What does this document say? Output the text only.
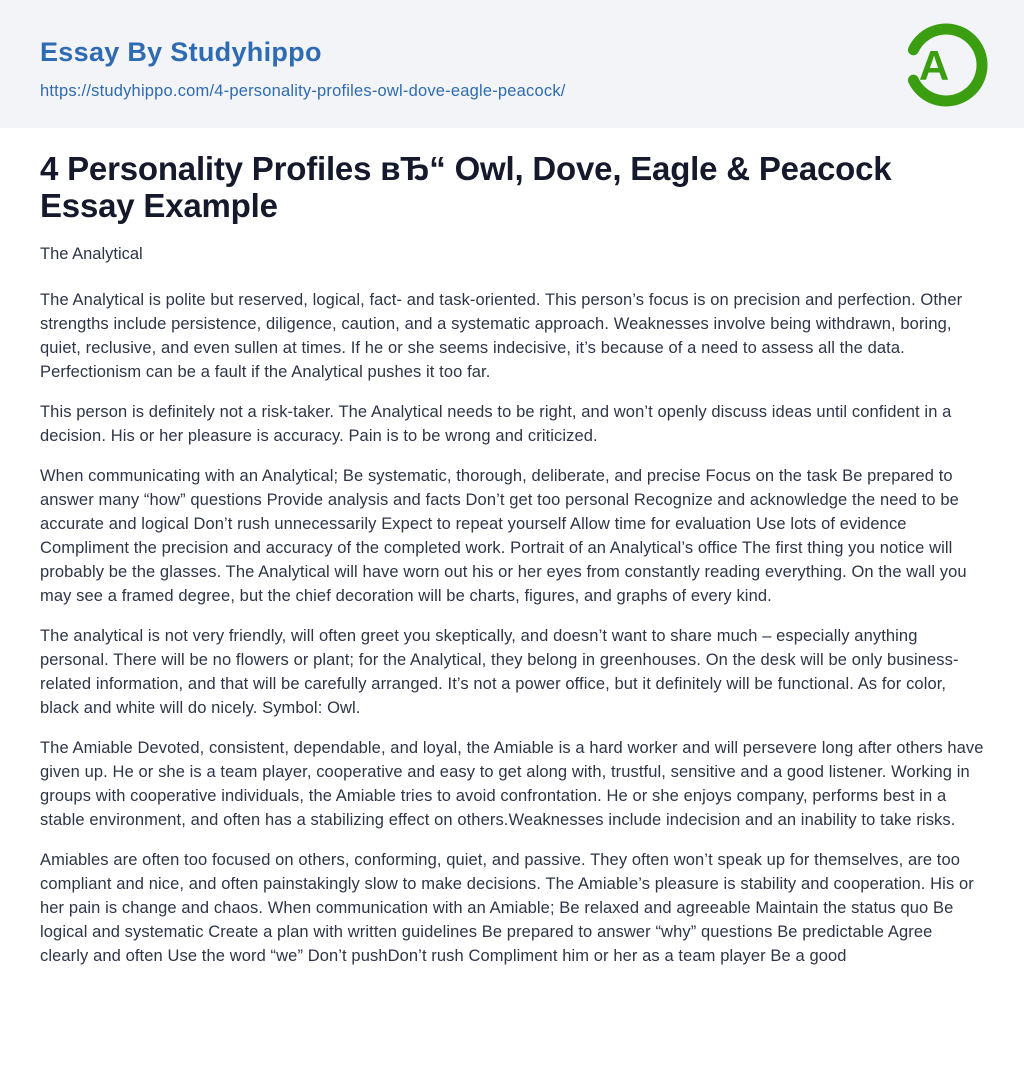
Essay By Studyhippo
https://studyhippo.com/4-personality-profiles-owl-dove-eagle-peacock/
A
4 Personality Profiles вЂ“ Owl, Dove, Eagle & Peacock Essay Example

The Analytical

The Analytical is polite but reserved, logical, fact- and task-oriented. This person’s focus is on precision and perfection. Other strengths include persistence, diligence, caution, and a systematic approach. Weaknesses involve being withdrawn, boring, quiet, reclusive, and even sullen at times. If he or she seems indecisive, it’s because of a need to assess all the data. Perfectionism can be a fault if the Analytical pushes it too far.

This person is definitely not a risk-taker. The Analytical needs to be right, and won’t openly discuss ideas until confident in a decision. His or her pleasure is accuracy. Pain is to be wrong and criticized.

When communicating with an Analytical; Be systematic, thorough, deliberate, and precise Focus on the task Be prepared to answer many “how” questions Provide analysis and facts Don’t get too personal Recognize and acknowledge the need to be accurate and logical Don’t rush unnecessarily Expect to repeat yourself Allow time for evaluation Use lots of evidence Compliment the precision and accuracy of the completed work. Portrait of an Analytical’s office The first thing you notice will probably be the glasses. The Analytical will have worn out his or her eyes from constantly reading everything. On the wall you may see a framed degree, but the chief decoration will be charts, figures, and graphs of every kind.

The analytical is not very friendly, will often greet you skeptically, and doesn’t want to share much – especially anything personal. There will be no flowers or plant; for the Analytical, they belong in greenhouses. On the desk will be only business-related information, and that will be carefully arranged. It’s not a power office, but it definitely will be functional. As for color, black and white will do nicely. Symbol: Owl.

The Amiable Devoted, consistent, dependable, and loyal, the Amiable is a hard worker and will persevere long after others have given up. He or she is a team player, cooperative and easy to get along with, trustful, sensitive and a good listener. Working in groups with cooperative individuals, the Amiable tries to avoid confrontation. He or she enjoys company, performs best in a stable environment, and often has a stabilizing effect on others.Weaknesses include indecision and an inability to take risks.

Amiables are often too focused on others, conforming, quiet, and passive. They often won’t speak up for themselves, are too compliant and nice, and often painstakingly slow to make decisions. The Amiable’s pleasure is stability and cooperation. His or her pain is change and chaos. When communication with an Amiable; Be relaxed and agreeable Maintain the status quo Be logical and systematic Create a plan with written guidelines Be prepared to answer “why” questions Be predictable Agree clearly and often Use the word “we” Don’t pushDon’t rush Compliment him or her as a team player Be a good
